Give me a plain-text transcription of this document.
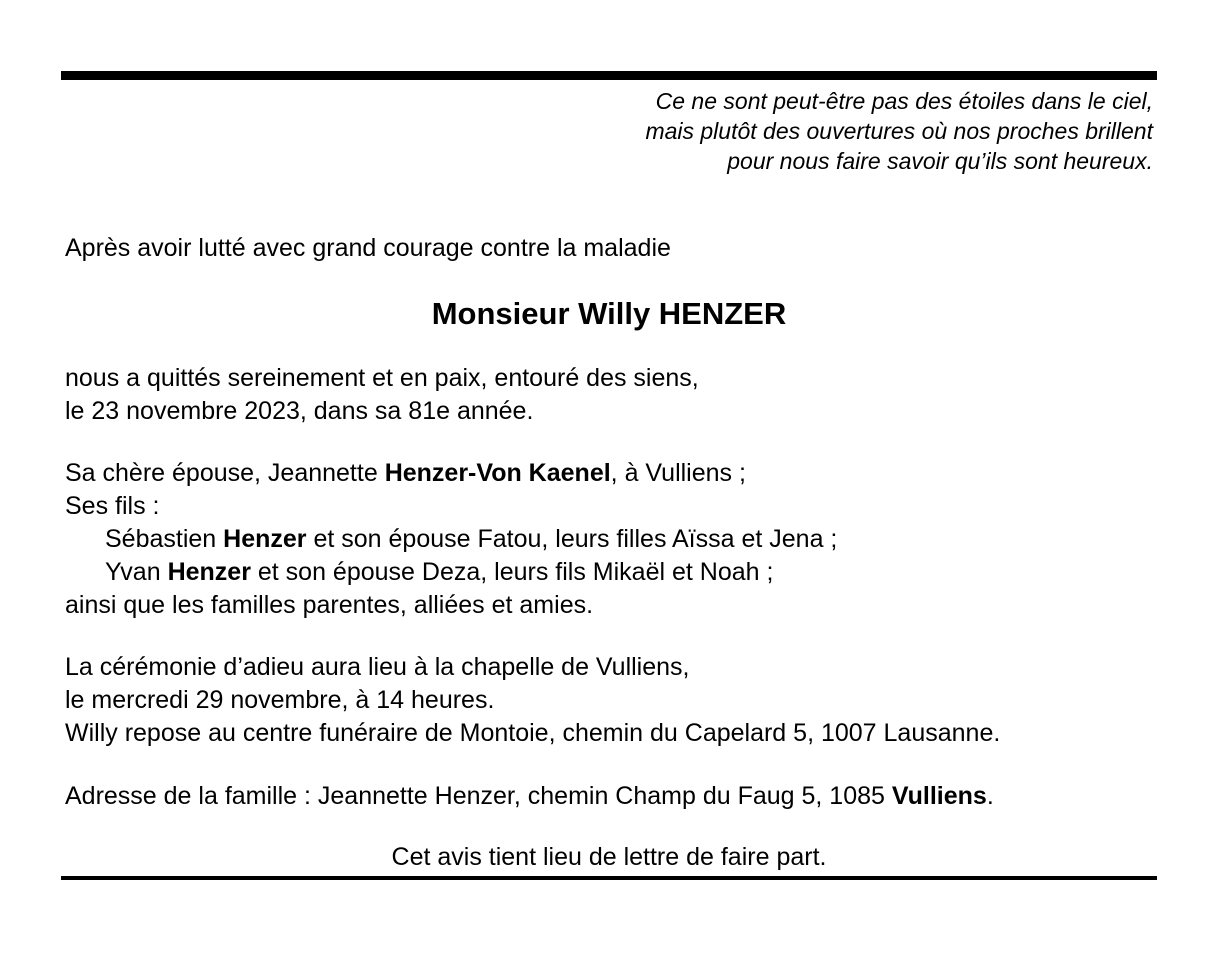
Ce ne sont peut-être pas des étoiles dans le ciel,
mais plutôt des ouvertures où nos proches brillent
pour nous faire savoir qu’ils sont heureux.
Après avoir lutté avec grand courage contre la maladie
Monsieur Willy HENZER
nous a quittés sereinement et en paix, entouré des siens,
le 23 novembre 2023, dans sa 81e année.
Sa chère épouse, Jeannette Henzer-Von Kaenel, à Vulliens ;
Ses fils :
Sébastien Henzer et son épouse Fatou, leurs filles Aïssa et Jena ;
Yvan Henzer et son épouse Deza, leurs fils Mikaël et Noah ;
ainsi que les familles parentes, alliées et amies.
La cérémonie d’adieu aura lieu à la chapelle de Vulliens,
le mercredi 29 novembre, à 14 heures.
Willy repose au centre funéraire de Montoie, chemin du Capelard 5, 1007 Lausanne.
Adresse de la famille : Jeannette Henzer, chemin Champ du Faug 5, 1085 Vulliens.
Cet avis tient lieu de lettre de faire part.
